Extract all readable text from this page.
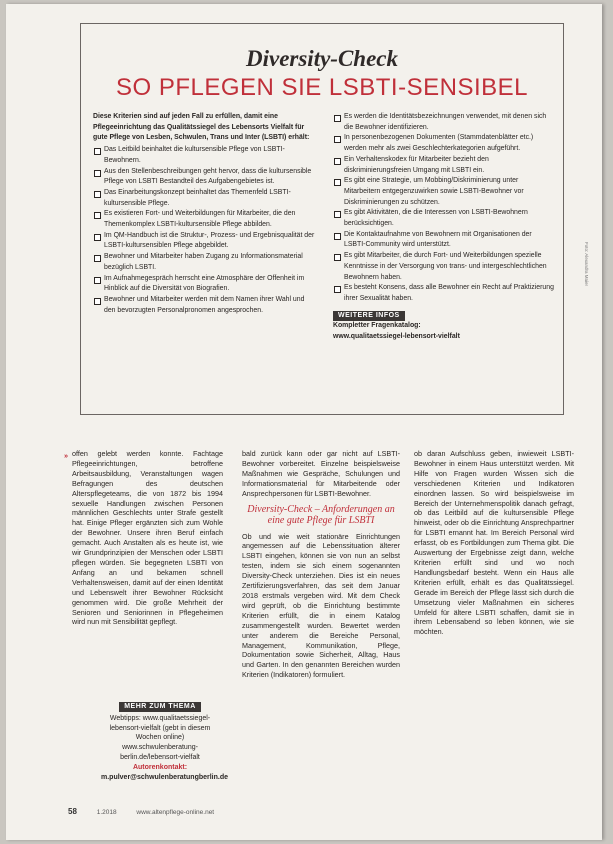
Diversity-Check
SO PFLEGEN SIE LSBTI-SENSIBEL
Diese Kriterien sind auf jeden Fall zu erfüllen, damit eine Pflegeeinrichtung das Qualitätssiegel des Lebensorts Vielfalt für gute Pflege von Lesben, Schwulen, Trans und Inter (LSBTI) erhält:
Das Leitbild beinhaltet die kultursensible Pflege von LSBTI-Bewohnern.
Aus den Stellenbeschreibungen geht hervor, dass die kultursensible Pflege von LSBTI Bestandteil des Aufgabengebietes ist.
Das Einarbeitungskonzept beinhaltet das Themenfeld LSBTI-kultursensible Pflege.
Es existieren Fort- und Weiterbildungen für Mitarbeiter, die den Themenkomplex LSBTI-kultursensible Pflege abbilden.
Im QM-Handbuch ist die Struktur-, Prozess- und Ergebnisqualität der LSBTI-kultursensiblen Pflege abgebildet.
Bewohner und Mitarbeiter haben Zugang zu Informationsmaterial bezüglich LSBTI.
Im Aufnahmegespräch herrscht eine Atmosphäre der Offenheit im Hinblick auf die Diversität von Biografien.
Bewohner und Mitarbeiter werden mit dem Namen ihrer Wahl und den bevorzugten Personalpronomen angesprochen.
Es werden die Identitätsbezeichnungen verwendet, mit denen sich die Bewohner identifizieren.
In personenbezogenen Dokumenten (Stammdatenblätter etc.) werden mehr als zwei Geschlechterkategorien aufgeführt.
Ein Verhaltenskodex für Mitarbeiter bezieht den diskriminierungsfreien Umgang mit LSBTI ein.
Es gibt eine Strategie, um Mobbing/Diskriminierung unter Mitarbeitern entgegenzuwirken sowie LSBTI-Bewohner vor Diskriminierungen zu schützen.
Es gibt Aktivitäten, die die Interessen von LSBTI-Bewohnern berücksichtigen.
Die Kontaktaufnahme von Bewohnern mit Organisationen der LSBTI-Community wird unterstützt.
Es gibt Mitarbeiter, die durch Fort- und Weiterbildungen spezielle Kenntnisse in der Versorgung von trans- und intergeschlechtlichen Bewohnern haben.
Es besteht Konsens, dass alle Bewohner ein Recht auf Praktizierung ihrer Sexualität haben.
WEITERE INFOS
Kompletter Fragenkatalog:
www.qualitaetssiegel-lebensort-vielfalt
Foto: Alexandra Maier
» offen gelebt werden konnte. Fachtage Pflegeeinrichtungen, betroffene Arbeitsausbildung, Veranstaltungen wagen Befragungen des deutschen Alterspflegeteams, die von 1872 bis 1994 sexuelle Handlungen zwischen Personen männlichen Geschlechts unter Strafe gestellt hat. Einige Pfleger ergänzten sich zum Wohle der Bewohner. Unsere ihren Beruf einfach gemacht. Auch Anstalten als es heute ist, wie wir Grundprinzipien der Menschen oder LSBTI pflegen würden. Sie begegneten LSBTI von Anfang an und bekamen schnell Verhaltensweisen, damit auf der einen Identität und Lebenswelt ihrer Bewohner Rücksicht genommen wird. Die große Mehrheit der Senioren und Seniorinnen in Pflegeheimen wird nun mit Sensibilität gepflegt.
bald zurück kann oder gar nicht auf LSBTI-Bewohner vorbereitet. Einzelne beispielsweise Maßnahmen wie Gespräche, Schulungen und Informationsmaterial für Mitarbeitende oder Ansprechpersonen für LSBTI-Bewohner.
Diversity-Check – Anforderungen an eine gute Pflege für LSBTI
Ob und wie weit stationäre Einrichtungen angemessen auf die Lebenssituation älterer LSBTI eingehen, können sie von nun an selbst testen, indem sie sich einem sogenannten Diversity-Check unterziehen. Dies ist ein neues Zertifizierungsverfahren, das seit dem Januar 2018 erstmals vergeben wird. Mit dem Check wird geprüft, ob die Einrichtung bestimmte Kriterien erfüllt, die in einem Katalog zusammengestellt wurden. Bewertet werden unter anderem die Bereiche Personal, Management, Kommunikation, Pflege, Dokumentation sowie Sicherheit, Alltag, Haus und Garten. In den genannten Bereichen wurden Kriterien (Indikatoren) formuliert.
ob daran Aufschluss geben, inwieweit LSBTI-Bewohner in einem Haus unterstützt werden. Mit Hilfe von Fragen wurden Wissen sich die verschiedenen Kriterien und Indikatoren einordnen lassen. So wird beispielsweise im Bereich der Unternehmenspolitik danach gefragt, ob das Leitbild auf die kultursensible Pflege hinweist, oder ob die Einrichtung Ansprechpartner für LSBTI ernannt hat. Im Bereich Personal wird erfasst, ob es Fortbildungen zum Thema gibt. Die Auswertung der Ergebnisse zeigt dann, welche Kriterien erfüllt sind und wo noch Handlungsbedarf besteht. Wenn ein Haus alle Kriterien erfüllt, erhält es das Qualitätssiegel. Gerade im Bereich der Pflege lässt sich durch die Umsetzung vieler Maßnahmen ein sicheres Umfeld für ältere LSBTI schaffen, damit sie in ihrem Lebensabend so leben können, wie sie möchten.
MEHR ZUM THEMA
Webtipps: www.qualitaetssiegel-lebensort-vielfalt (gebt in diesem Wochen online) www.schwulenberatung-berlin.de/lebensort-vielfalt
Autorenkontakt:
m.pulver@schwulenberatungberlin.de
58	1.2018	www.altenpflege-online.net
